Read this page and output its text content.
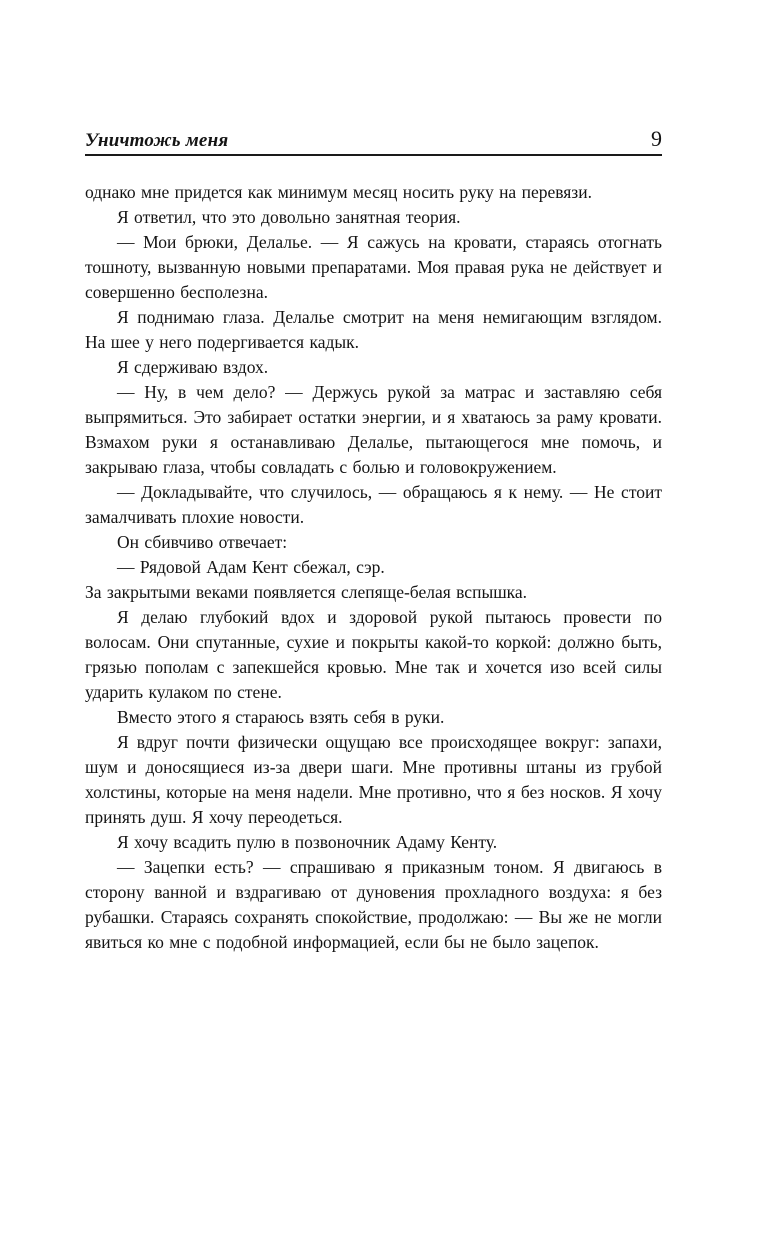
Уничтожь меня	9

однако мне придется как минимум месяц носить руку на перевязи.

Я ответил, что это довольно занятная теория.

— Мои брюки, Делалье. — Я сажусь на кровати, стараясь отогнать тошноту, вызванную новыми препаратами. Моя правая рука не действует и совершенно бесполезна.

Я поднимаю глаза. Делалье смотрит на меня немигающим взглядом. На шее у него подергивается кадык.

Я сдерживаю вздох.

— Ну, в чем дело? — Держусь рукой за матрас и заставляю себя выпрямиться. Это забирает остатки энергии, и я хватаюсь за раму кровати. Взмахом руки я останавливаю Делалье, пытающегося мне помочь, и закрываю глаза, чтобы совладать с болью и головокружением.

— Докладывайте, что случилось, — обращаюсь я к нему. — Не стоит замалчивать плохие новости.

Он сбивчиво отвечает:

— Рядовой Адам Кент сбежал, сэр.

За закрытыми веками появляется слепяще-белая вспышка.

Я делаю глубокий вдох и здоровой рукой пытаюсь провести по волосам. Они спутанные, сухие и покрыты какой-то коркой: должно быть, грязью пополам с запекшейся кровью. Мне так и хочется изо всей силы ударить кулаком по стене.

Вместо этого я стараюсь взять себя в руки.

Я вдруг почти физически ощущаю все происходящее вокруг: запахи, шум и доносящиеся из-за двери шаги. Мне противны штаны из грубой холстины, которые на меня надели. Мне противно, что я без носков. Я хочу принять душ. Я хочу переодеться.

Я хочу всадить пулю в позвоночник Адаму Кенту.

— Зацепки есть? — спрашиваю я приказным тоном. Я двигаюсь в сторону ванной и вздрагиваю от дуновения прохладного воздуха: я без рубашки. Стараясь сохранять спокойствие, продолжаю: — Вы же не могли явиться ко мне с подобной информацией, если бы не было зацепок.
